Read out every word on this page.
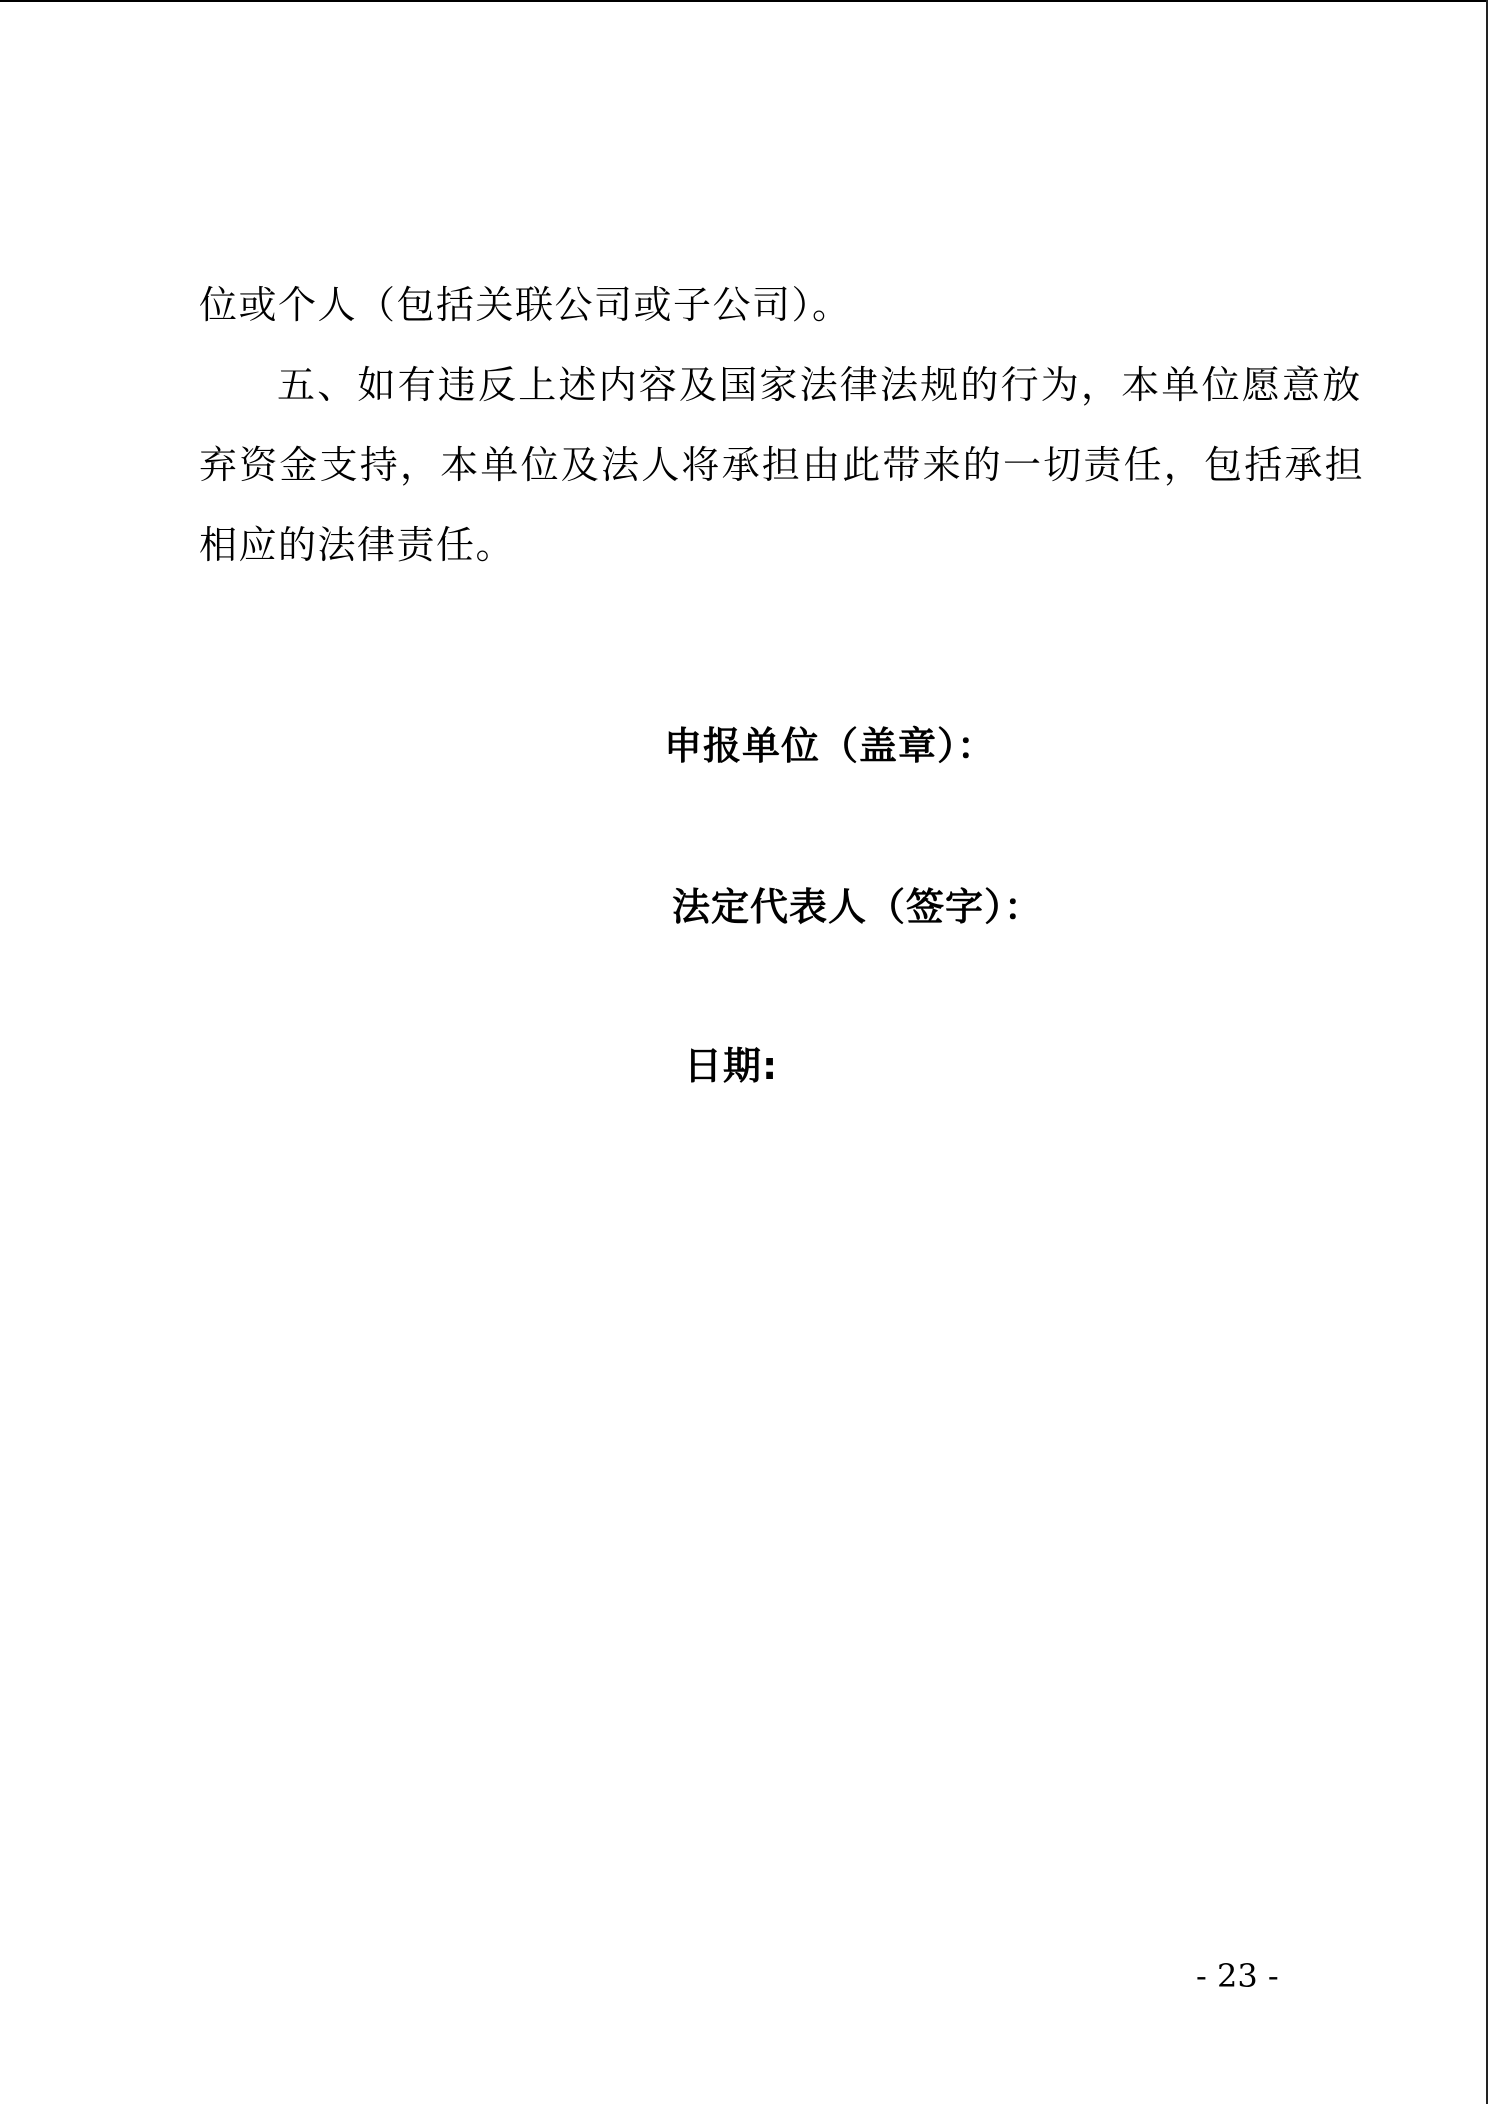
位或个人（包括关联公司或子公司）。
五、如有违反上述内容及国家法律法规的行为，本单位愿意放
弃资金支持，本单位及法人将承担由此带来的一切责任，包括承担
相应的法律责任。
申报单位（盖章）：
法定代表人（签字）：
日期:
- 23 -
